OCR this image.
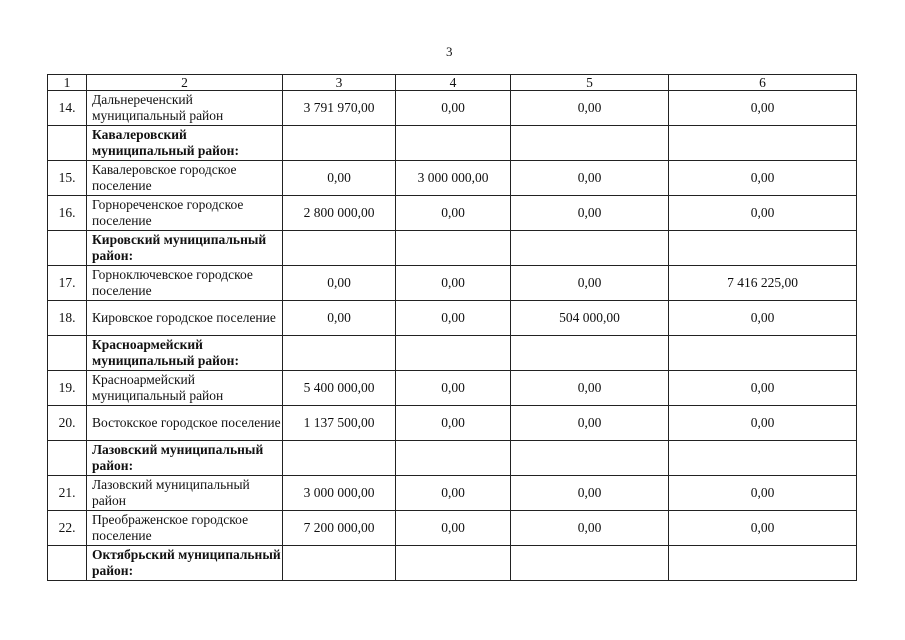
3
1	2	3	4	5	6
14.	Дальнереченский муниципальный район	3 791 970,00	0,00	0,00	0,00
	Кавалеровский муниципальный район:				
15.	Кавалеровское городское поселение	0,00	3 000 000,00	0,00	0,00
16.	Горнореченское городское поселение	2 800 000,00	0,00	0,00	0,00
	Кировский муниципальный район:				
17.	Горноключевское городское поселение	0,00	0,00	0,00	7 416 225,00
18.	Кировское городское поселение	0,00	0,00	504 000,00	0,00
	Красноармейский муниципальный район:				
19.	Красноармейский муниципальный район	5 400 000,00	0,00	0,00	0,00
20.	Востокское городское поселение	1 137 500,00	0,00	0,00	0,00
	Лазовский муниципальный район:				
21.	Лазовский муниципальный район	3 000 000,00	0,00	0,00	0,00
22.	Преображенское городское поселение	7 200 000,00	0,00	0,00	0,00
	Октябрьский муниципальный район:				
